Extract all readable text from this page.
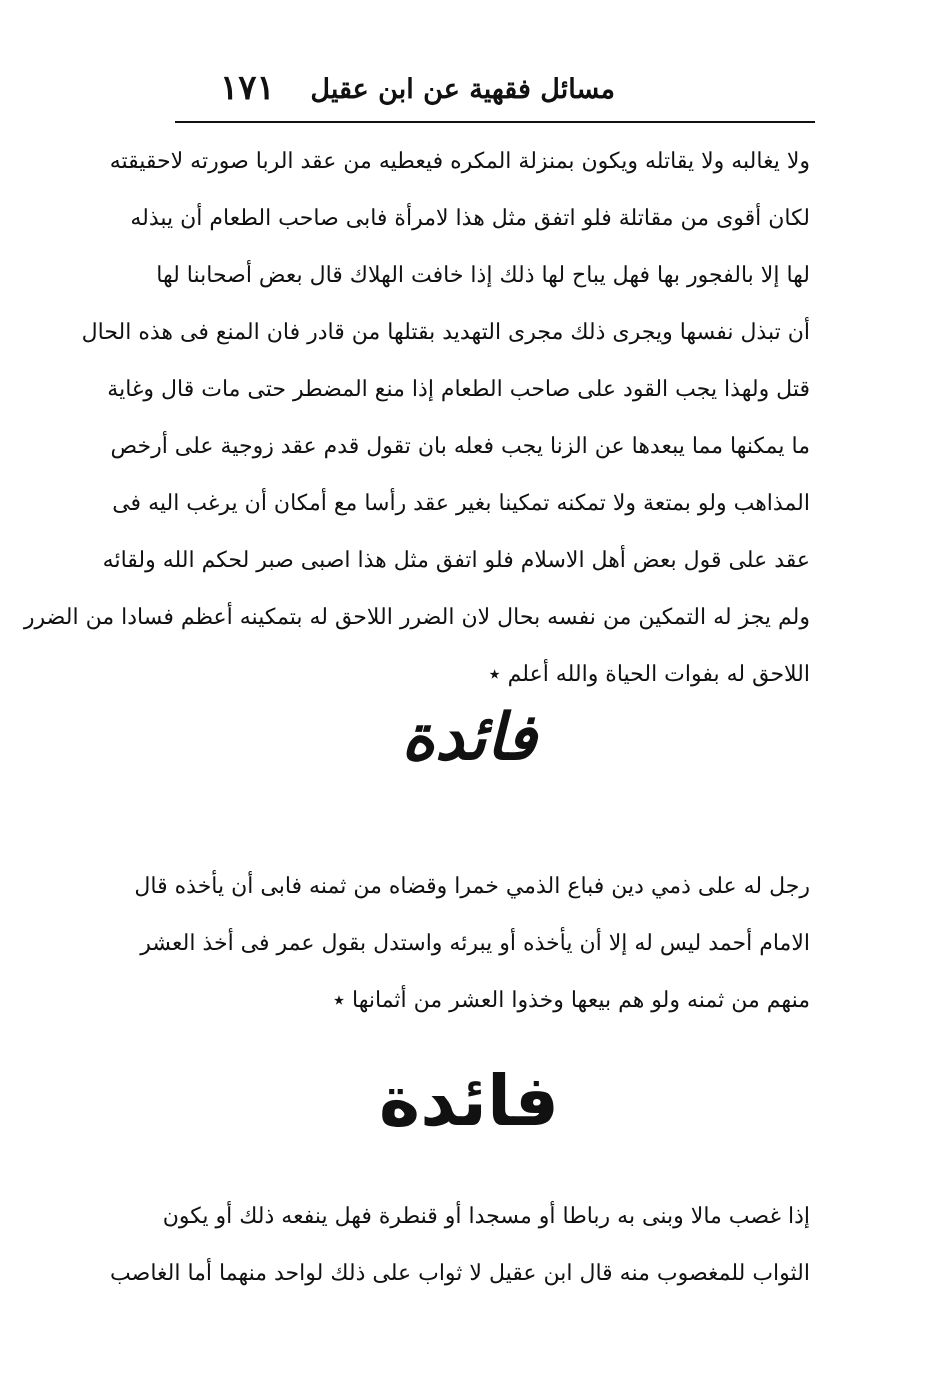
مسائل فقهية عن ابن عقيل
١٧١
ولا يغالبه ولا يقاتله ويكون بمنزلة المكره فيعطيه من عقد الربا صورته لاحقيقته
لكان أقوى من مقاتلة فلو اتفق مثل هذا لامرأة فابى صاحب الطعام أن يبذله
لها إلا بالفجور بها فهل يباح لها ذلك إذا خافت الهلاك قال بعض أصحابنا لها
أن تبذل نفسها ويجرى ذلك مجرى التهديد بقتلها من قادر فان المنع فى هذه الحال
قتل ولهذا يجب القود على صاحب الطعام إذا منع المضطر حتى مات قال وغاية
ما يمكنها مما يبعدها عن الزنا يجب فعله بان تقول قدم عقد زوجية على أرخص
المذاهب ولو بمتعة ولا تمكنه تمكينا بغير عقد رأسا مع أمكان أن يرغب اليه فى
عقد على قول بعض أهل الاسلام فلو اتفق مثل هذا اصبى صبر لحكم الله ولقائه
ولم يجز له التمكين من نفسه بحال لان الضرر اللاحق له بتمكينه أعظم فسادا من الضرر
اللاحق له بفوات الحياة والله أعلم ٭
فائدة
رجل له على ذمي دين فباع الذمي خمرا وقضاه من ثمنه فابى أن يأخذه قال
الامام أحمد ليس له إلا أن يأخذه أو يبرئه واستدل بقول عمر فى أخذ العشر
منهم من ثمنه ولو هم بيعها وخذوا العشر من أثمانها ٭
فائدة
إذا غصب مالا وبنى به رباطا أو مسجدا أو قنطرة فهل ينفعه ذلك أو يكون
الثواب للمغصوب منه قال ابن عقيل لا ثواب على ذلك لواحد منهما أما الغاصب
